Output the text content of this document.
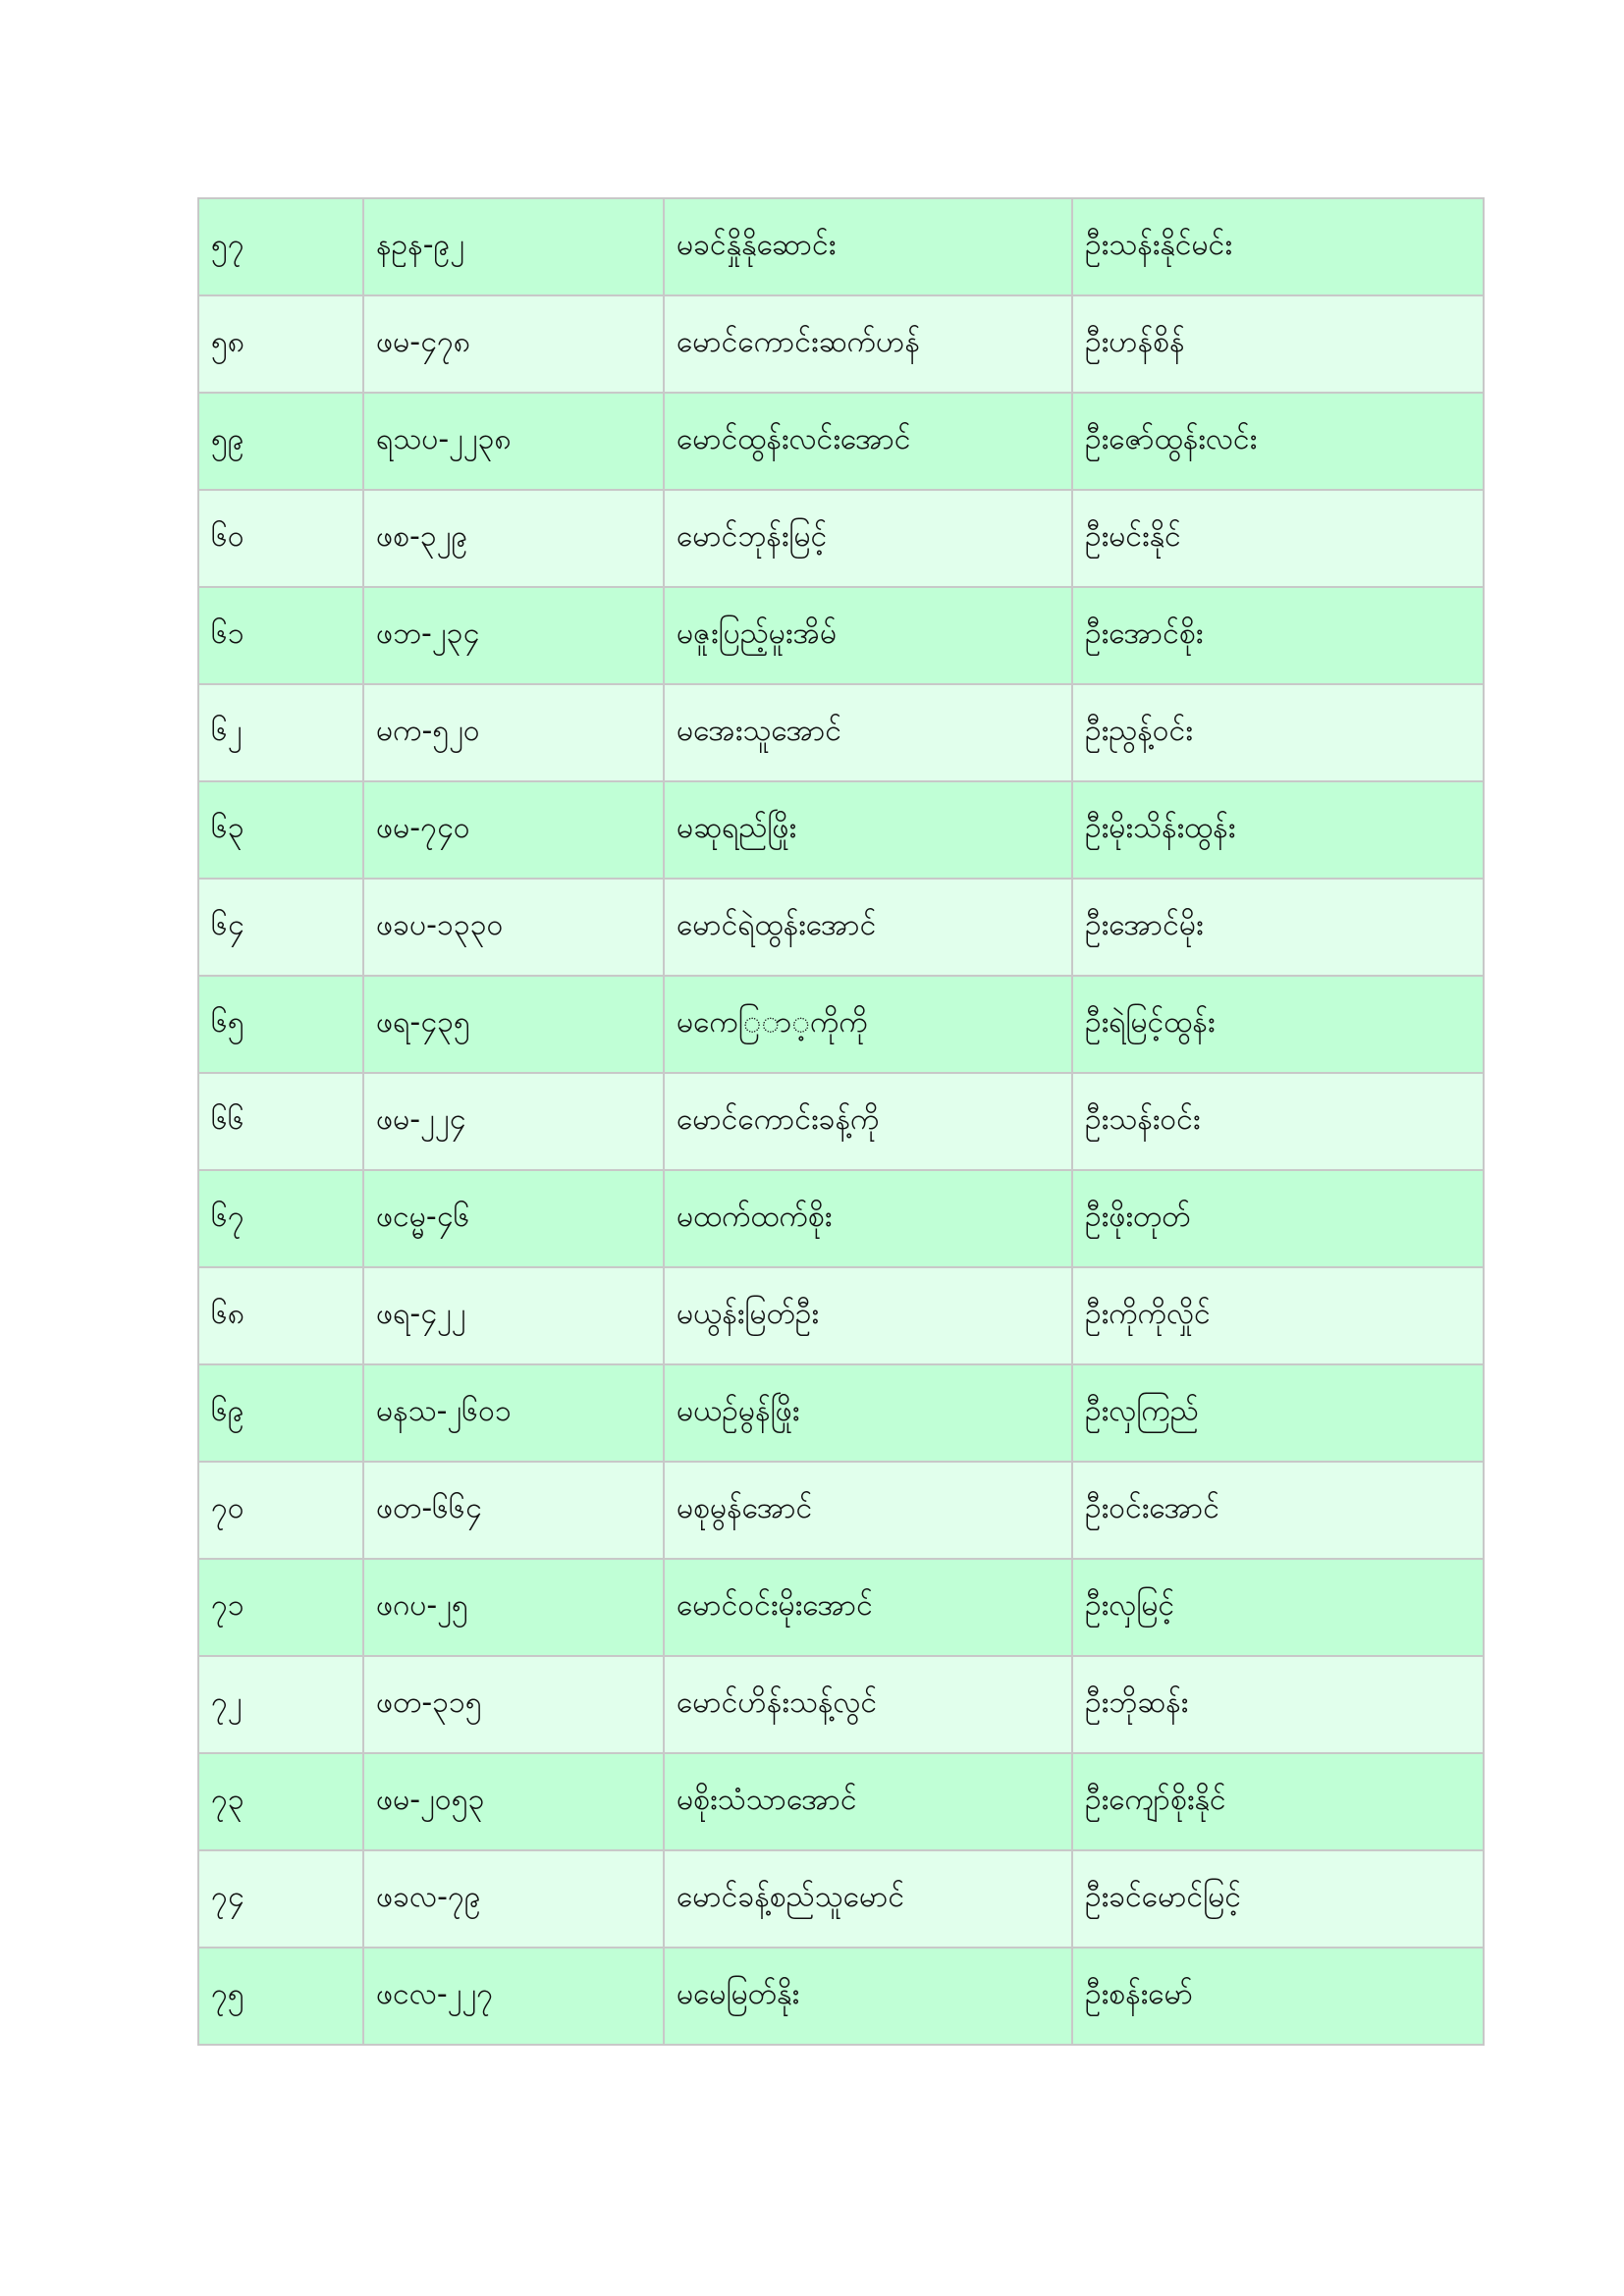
၅၇	နဥန-၉၂	မခင်နှိုနိုဆောင်း	ဦးသန်းနိုင်မင်း
၅၈	ဖမ-၄၇၈	မောင်ကောင်းဆက်ဟန်	ဦးဟန်စိန်
၅၉	ရသပ-၂၂၃၈	မောင်ထွန်းလင်းအောင်	ဦးဇော်ထွန်းလင်း
၆၀	ဖစ-၃၂၉	မောင်ဘုန်းမြင့်	ဦးမင်းနိုင်
၆၁	ဖဘ-၂၃၄	မဇူးပြည့်မူးအိမ်	ဦးအောင်စိုး
၆၂	မက-၅၂၀	မအေးသူအောင်	ဦးညွန့်ဝင်း
၆၃	ဖမ-၇၄၀	မဆုရည်ဖြိုး	ဦးမိုးသိန်းထွန်း
၆၄	ဖခပ-၁၃၃၀	မောင်ရဲထွန်းအောင်	ဦးအောင်မိုး
၆၅	ဖရ-၄၃၅	မကေ◌ြ◌ာ◌့ကိုကို	ဦးရဲမြင့်ထွန်း
၆၆	ဖမ-၂၂၄	မောင်ကောင်းခန့်ကို	ဦးသန်းဝင်း
၆၇	ဖငမ္မ-၄၆	မထက်ထက်စိုး	ဦးဖိုးတုတ်
၆၈	ဖရ-၄၂၂	မယွန်းမြတ်ဦး	ဦးကိုကိုလှိုင်
၆၉	မနသ-၂၆၀၁	မယဉ်မွန်ဖြိုး	ဦးလှကြည်
၇၀	ဖတ-၆၆၄	မစုမွန်အောင်	ဦးဝင်းအောင်
၇၁	ဖဂပ-၂၅	မောင်ဝင်းမိုးအောင်	ဦးလှမြင့်
၇၂	ဖတ-၃၁၅	မောင်ဟိန်းသန့်လွင်	ဦးဘိုဆန်း
၇၃	ဖမ-၂၀၅၃	မစိုးသံသာအောင်	ဦးကျော်စိုးနိုင်
၇၄	ဖခလ-၇၉	မောင်ခန့်စည်သူမောင်	ဦးခင်မောင်မြင့်
၇၅	ဖငလ-၂၂၇	မမေမြတ်နိုး	ဦးစန်းမော်
